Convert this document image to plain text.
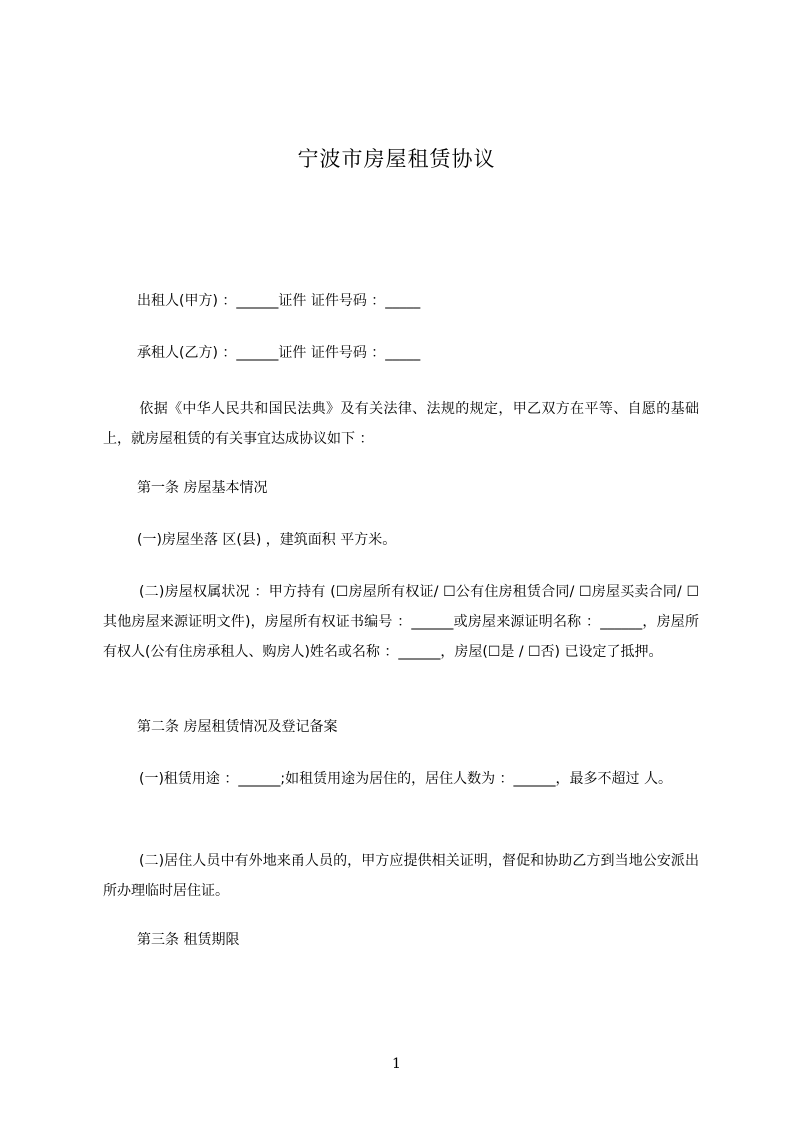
宁波市房屋租赁协议
出租人(甲方) ：______证件 证件号码 ：_____
承租人(乙方) ：______证件 证件号码 ：_____
依据《中华人民共和国民法典》及有关法律、法规的规定，甲乙双方在平等、自愿的基础上，就房屋租赁的有关事宜达成协议如下 ：
第一条 房屋基本情况
(一)房屋坐落 区(县) ，建筑面积 平方米。
(二)房屋权属状况 ：甲方持有 (☐房屋所有权证/ ☐公有住房租赁合同/ ☐房屋买卖合同/ ☐其他房屋来源证明文件)，房屋所有权证书编号 ：______或房屋来源证明名称 ：______，房屋所有权人(公有住房承租人、购房人)姓名或名称 ：______，房屋(☐是 / ☐否) 已设定了抵押。
第二条 房屋租赁情况及登记备案
(一)租赁用途 ：______;如租赁用途为居住的，居住人数为 ：______，最多不超过 人。
(二)居住人员中有外地来甬人员的，甲方应提供相关证明，督促和协助乙方到当地公安派出所办理临时居住证。
第三条 租赁期限
1
